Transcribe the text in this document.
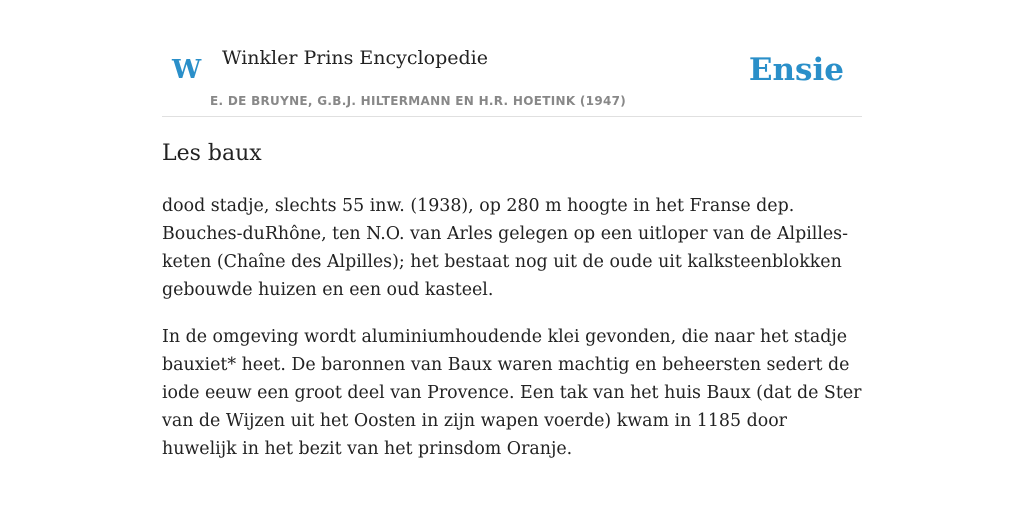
W Winkler Prins Encyclopedie
E. DE BRUYNE, G.B.J. HILTERMANN EN H.R. HOETINK (1947)
Ensie
Les baux

dood stadje, slechts 55 inw. (1938), op 280 m hoogte in het Franse dep. Bouches-duRhône, ten N.O. van Arles gelegen op een uitloper van de Alpilles-keten (Chaîne des Alpilles); het bestaat nog uit de oude uit kalksteenblokken gebouwde huizen en een oud kasteel.

In de omgeving wordt aluminiumhoudende klei gevonden, die naar het stadje bauxiet* heet. De baronnen van Baux waren machtig en beheersten sedert de iode eeuw een groot deel van Provence. Een tak van het huis Baux (dat de Ster van de Wijzen uit het Oosten in zijn wapen voerde) kwam in 1185 door huwelijk in het bezit van het prinsdom Oranje.
